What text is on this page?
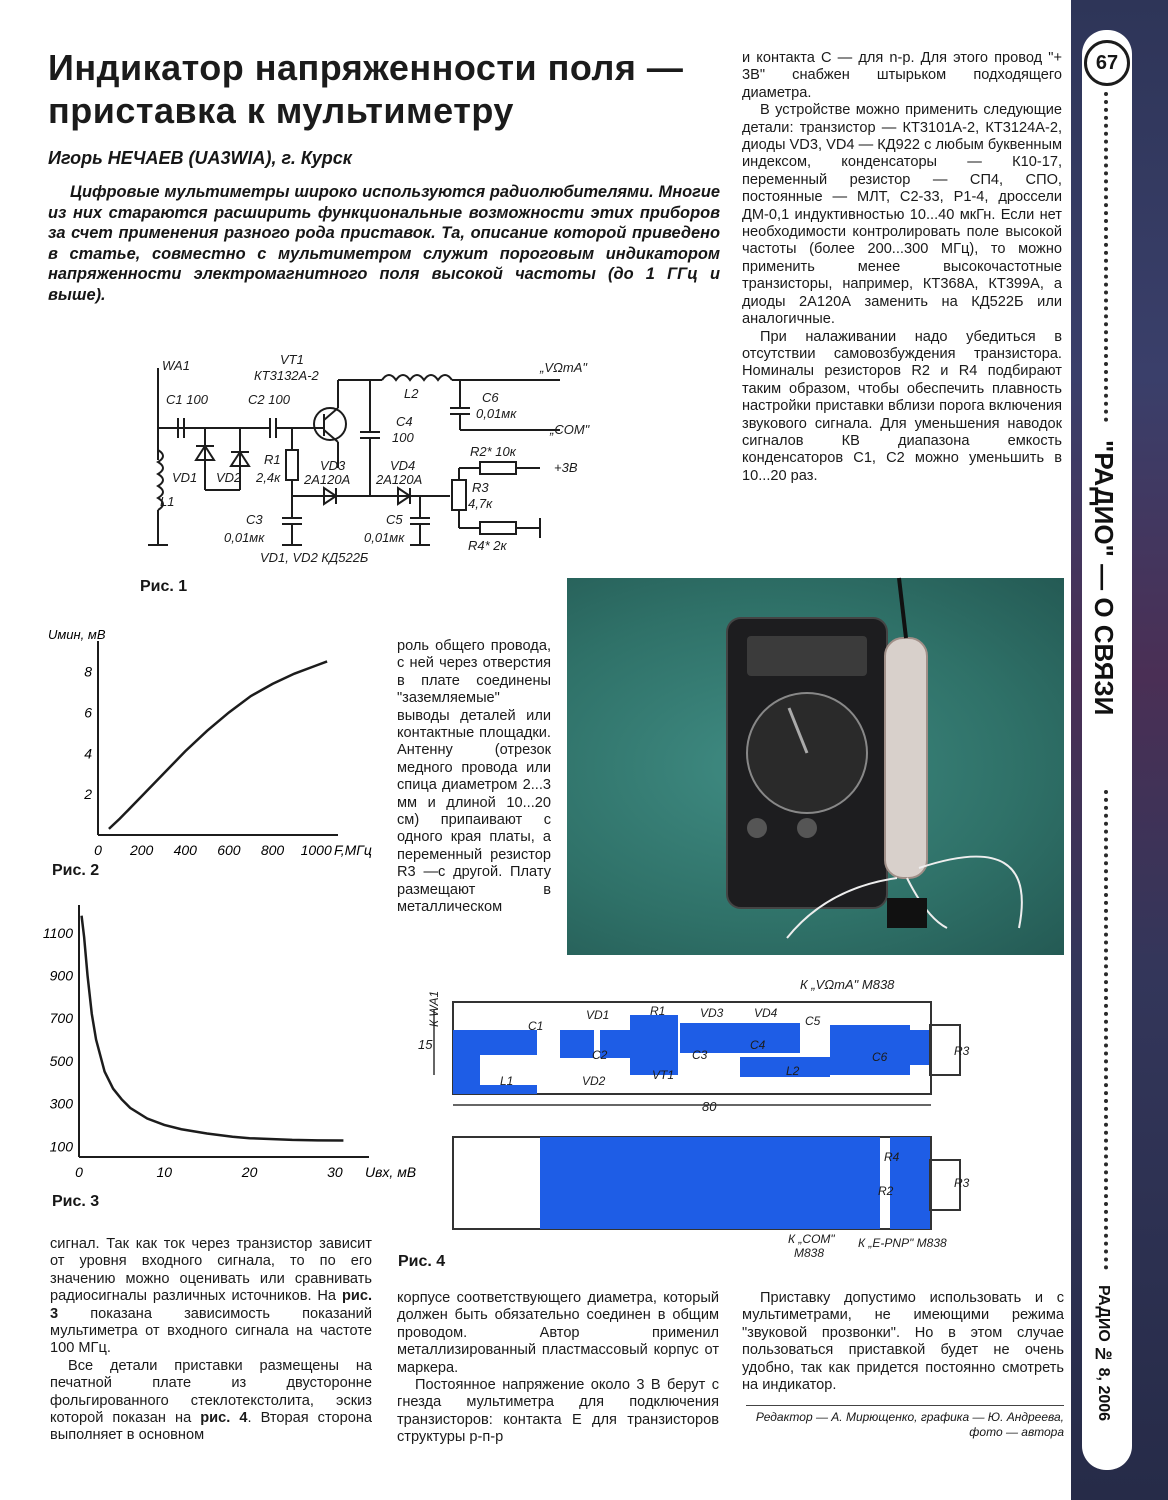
Индикатор напряженности поля — приставка к мультиметру
Игорь НЕЧАЕВ (UA3WIA), г. Курск
Цифровые мультиметры широко используются радиолюбителями. Многие из них стараются расширить функциональные возможности этих приборов за счет применения разного рода приставок. Та, описание которой приведено в статье, совместно с мультиметром служит пороговым индикатором напряженности электромагнитного поля высокой частоты (до 1 ГГц и выше).

и контакта С — для n-p. Для этого провод "+ 3В" снабжен штырьком подходящего диаметра.

В устройстве можно применить следующие детали: транзистор — КТ3101А-2, КТ3124А-2, диоды VD3, VD4 — КД922 с любым буквенным индексом, конденсаторы — К10-17, переменный резистор — СП4, СПО, постоянные — МЛТ, С2-33, Р1-4, дроссели ДМ-0,1 индуктивностью 10...40 мкГн. Если нет необходимости контролировать поле высокой частоты (более 200...300 МГц), то можно применить менее высокочастотные транзисторы, например, КТ368А, КТ399А, а диоды 2А120А заменить на КД522Б или аналогичные.

При налаживании надо убедиться в отсутствии самовозбуждения транзистора. Номиналы резисторов R2 и R4 подбирают таким образом, чтобы обеспечить плавность настройки приставки вблизи порога включения звукового сигнала. Для уменьшения наводок сигналов КВ диапазона емкость конденсаторов С1, С2 можно уменьшить в 10...20 раз.

WA1
С1 100
VT1
КТ3132А-2
С2 100	L2
С4
100
С6
0,01мк
„VΩmA"
„COM"
R2* 10к
+3В
R1
2,4к
VD1 VD2
VD3
2А120А
VD4
2А120А
R3
4,7к
L1
С3
0,01мк
С5
0,01мк
R4* 2к
VD1, VD2 КД522Б
Рис. 1
0 200 400 600 800 1000
2
4
6
8
F,МГц
Uмин, мВ
Рис. 2
0	10	20	30
100
300
500
700
900
1100
Uвх, мВ
Рис. 3

роль общего провода, с ней через отверстия в плате соединены "заземляемые" выводы деталей или контактные площадки. Антенну (отрезок медного провода или спица диаметром 2...3 мм и длиной 10...20 см) припаивают с одного края платы, а переменный резистор R3 —с другой. Плату размещают в металлическом

К „VΩmA" М838
15
80
К WA1	С1
VD1
С2
VD2
L1
R1	VD3	VD4
С5
С3
С4
L2
С6
VT1
R3
R4
R2
R3
К „COM"
М838
К „E-PNP" М838
Рис. 4

сигнал. Так как ток через транзистор зависит от уровня входного сигнала, то по его значению можно оценивать или сравнивать радиосигналы различных источников. На рис. 3 показана зависимость показаний мультиметра от входного сигнала на частоте 100 МГц.

Все детали приставки размещены на печатной плате из двусторонне фольгированного стеклотекстолита, эскиз которой показан на рис. 4. Вторая сторона выполняет в основном

корпусе соответствующего диаметра, который должен быть обязательно соединен в общим проводом. Автор применил металлизированный пластмассовый корпус от маркера.

Постоянное напряжение около 3 В берут с гнезда мультиметра для подключения транзисторов: контакта Е для транзисторов структуры р-п-р

Приставку допустимо использовать и с мультиметрами, не имеющими режима "звуковой прозвонки". Но в этом случае пользоваться приставкой будет не очень удобно, так как придется постоянно смотреть на индикатор.

Редактор — А. Мирющенко, графика — Ю. Андреева,
фото — автора
67
"РАДИО" — О СВЯЗИ
РАДИО № 8, 2006
